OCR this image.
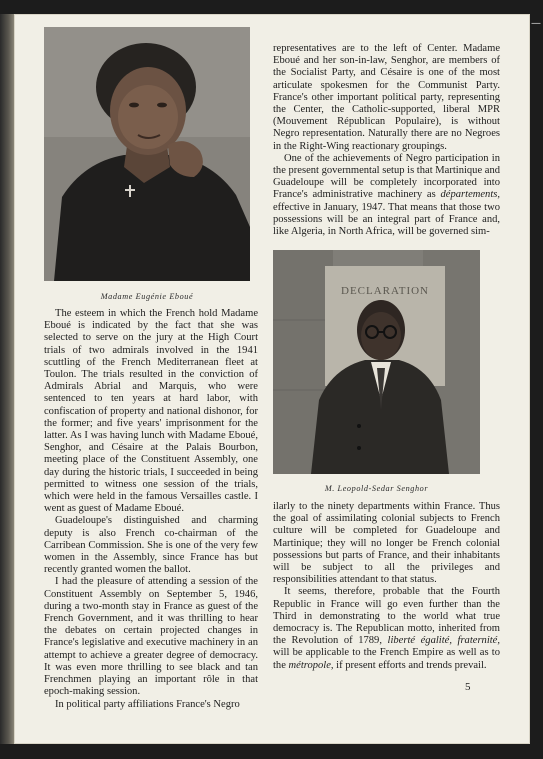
—
Madame Eugénie Eboué

The esteem in which the French hold Madame Eboué is indicated by the fact that she was selected to serve on the jury at the High Court trials of two admirals involved in the 1941 scuttling of the French Mediterranean fleet at Toulon. The trials resulted in the conviction of Admirals Abrial and Marquis, who were sentenced to ten years at hard labor, with confiscation of property and national dishonor, for the former; and five years' imprisonment for the latter. As I was having lunch with Madame Eboué, Senghor, and Césaire at the Palais Bourbon, meeting place of the Constituent Assembly, one day during the historic trials, I succeeded in being permitted to witness one session of the trials, which were held in the famous Versailles castle. I went as guest of Madame Eboué.

Guadeloupe's distinguished and charming deputy is also French co-chairman of the Carribean Commission. She is one of the very few women in the Assembly, since France has but recently granted women the ballot.

I had the pleasure of attending a session of the Constituent Assembly on September 5, 1946, during a two-month stay in France as guest of the French Government, and it was thrilling to hear the debates on certain projected changes in France's legislative and executive machinery in an attempt to achieve a greater degree of democracy. It was even more thrilling to see black and tan Frenchmen playing an important rôle in that epoch-making session.

In political party affiliations France's Negro

representatives are to the left of Center. Madame Eboué and her son-in-law, Senghor, are members of the Socialist Party, and Césaire is one of the most articulate spokesmen for the Communist Party. France's other important political party, representing the Center, the Catholic-supported, liberal MPR (Mouvement Républican Populaire), is without Negro representation. Naturally there are no Negroes in the Right-Wing reactionary groupings.

One of the achievements of Negro participation in the present governmental setup is that Martinique and Guadeloupe will be completely incorporated into France's administrative machinery as départements, effective in January, 1947. That means that those two possessions will be an integral part of France and, like Algeria, in North Africa, will be governed sim-

DECLARATION
M. Leopold-Sedar Senghor

ilarly to the ninety departments within France. Thus the goal of assimilating colonial subjects to French culture will be completed for Guadeloupe and Martinique; they will no longer be French colonial possessions but parts of France, and their inhabitants will be subject to all the privileges and responsibilities attendant to that status.

It seems, therefore, probable that the Fourth Republic in France will go even further than the Third in demonstrating to the world what true democracy is. The Republican motto, inherited from the Revolution of 1789, liberté égalité, fraternité, will be applicable to the French Empire as well as to the métropole, if present efforts and trends prevail.

5
